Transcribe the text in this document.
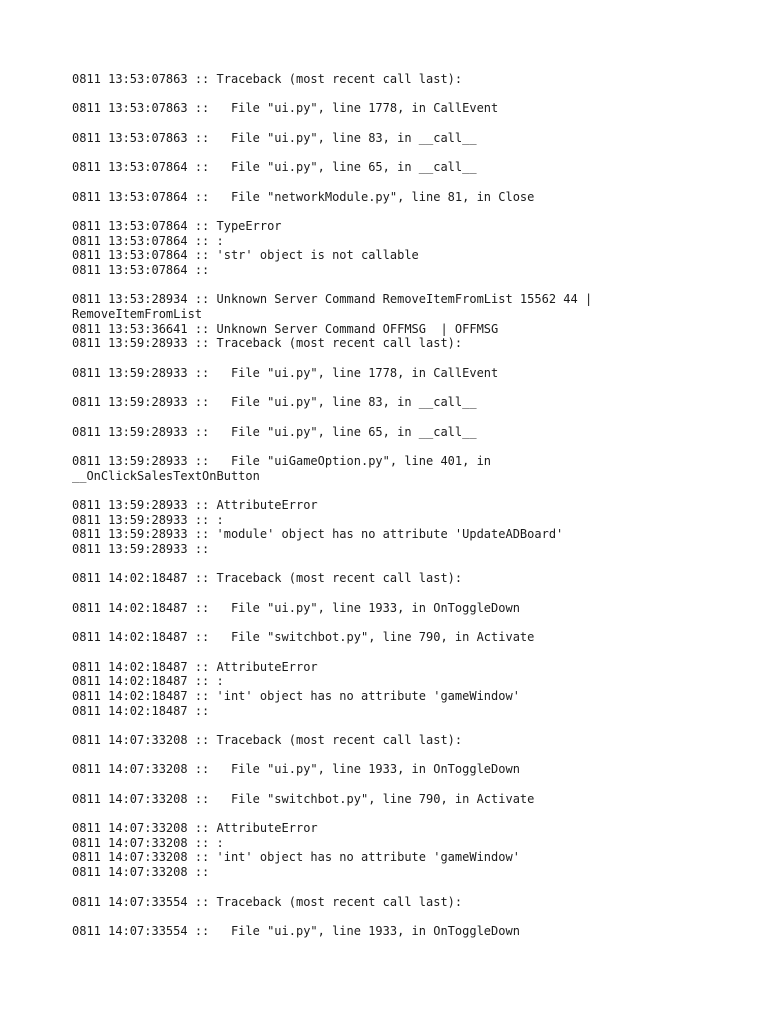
0811 13:53:07863 :: Traceback (most recent call last):
0811 13:53:07863 ::   File "ui.py", line 1778, in CallEvent
0811 13:53:07863 ::   File "ui.py", line 83, in __call__
0811 13:53:07864 ::   File "ui.py", line 65, in __call__
0811 13:53:07864 ::   File "networkModule.py", line 81, in Close
0811 13:53:07864 :: TypeError
0811 13:53:07864 :: :
0811 13:53:07864 :: 'str' object is not callable
0811 13:53:07864 ::
0811 13:53:28934 :: Unknown Server Command RemoveItemFromList 15562 44 |
RemoveItemFromList
0811 13:53:36641 :: Unknown Server Command OFFMSG  | OFFMSG
0811 13:59:28933 :: Traceback (most recent call last):
0811 13:59:28933 ::   File "ui.py", line 1778, in CallEvent
0811 13:59:28933 ::   File "ui.py", line 83, in __call__
0811 13:59:28933 ::   File "ui.py", line 65, in __call__
0811 13:59:28933 ::   File "uiGameOption.py", line 401, in
__OnClickSalesTextOnButton
0811 13:59:28933 :: AttributeError
0811 13:59:28933 :: :
0811 13:59:28933 :: 'module' object has no attribute 'UpdateADBoard'
0811 13:59:28933 ::
0811 14:02:18487 :: Traceback (most recent call last):
0811 14:02:18487 ::   File "ui.py", line 1933, in OnToggleDown
0811 14:02:18487 ::   File "switchbot.py", line 790, in Activate
0811 14:02:18487 :: AttributeError
0811 14:02:18487 :: :
0811 14:02:18487 :: 'int' object has no attribute 'gameWindow'
0811 14:02:18487 ::
0811 14:07:33208 :: Traceback (most recent call last):
0811 14:07:33208 ::   File "ui.py", line 1933, in OnToggleDown
0811 14:07:33208 ::   File "switchbot.py", line 790, in Activate
0811 14:07:33208 :: AttributeError
0811 14:07:33208 :: :
0811 14:07:33208 :: 'int' object has no attribute 'gameWindow'
0811 14:07:33208 ::
0811 14:07:33554 :: Traceback (most recent call last):
0811 14:07:33554 ::   File "ui.py", line 1933, in OnToggleDown
